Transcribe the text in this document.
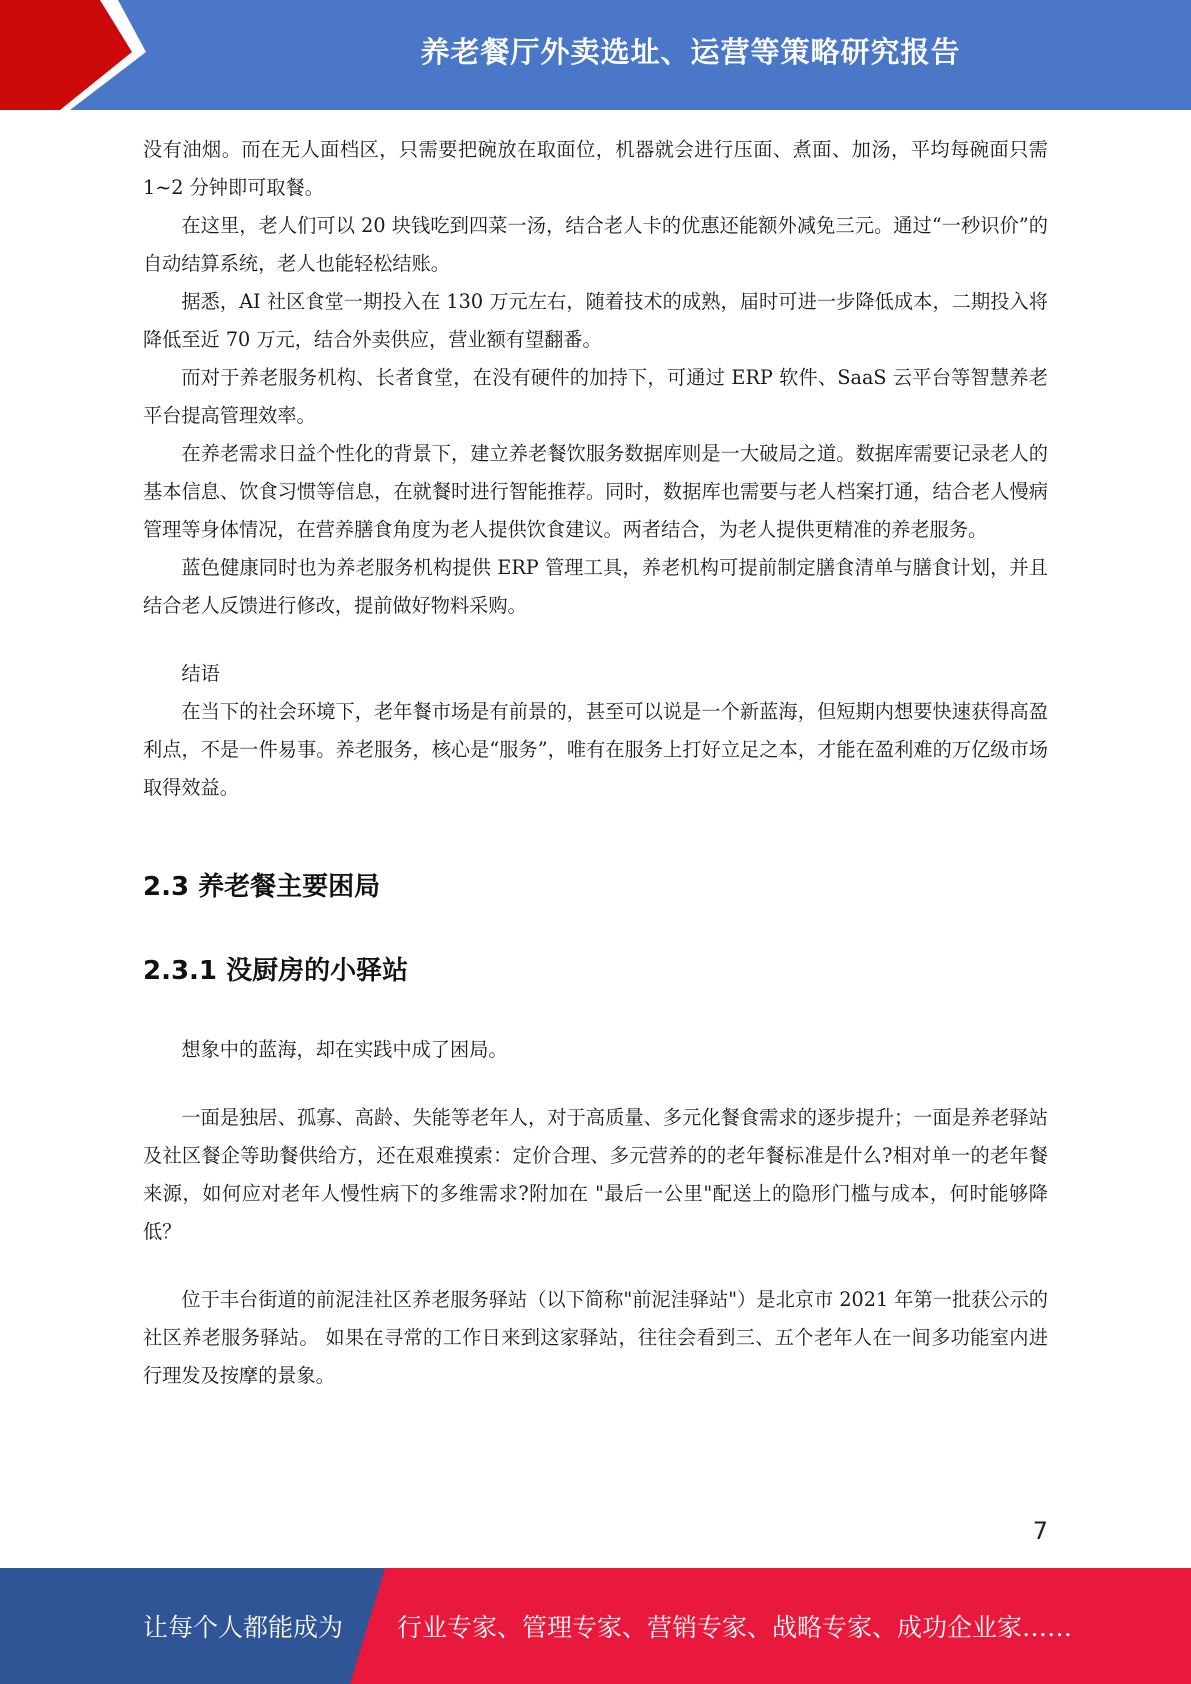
养老餐厅外卖选址、运营等策略研究报告

没有油烟。而在无人面档区，只需要把碗放在取面位，机器就会进行压面、煮面、加汤，平均每碗面只需 1~2 分钟即可取餐。

在这里，老人们可以 20 块钱吃到四菜一汤，结合老人卡的优惠还能额外减免三元。通过“一秒识价”的自动结算系统，老人也能轻松结账。

据悉，AI 社区食堂一期投入在 130 万元左右，随着技术的成熟，届时可进一步降低成本，二期投入将降低至近 70 万元，结合外卖供应，营业额有望翻番。

而对于养老服务机构、长者食堂，在没有硬件的加持下，可通过 ERP 软件、SaaS 云平台等智慧养老平台提高管理效率。

在养老需求日益个性化的背景下，建立养老餐饮服务数据库则是一大破局之道。数据库需要记录老人的基本信息、饮食习惯等信息，在就餐时进行智能推荐。同时，数据库也需要与老人档案打通，结合老人慢病管理等身体情况，在营养膳食角度为老人提供饮食建议。两者结合，为老人提供更精准的养老服务。

蓝色健康同时也为养老服务机构提供 ERP 管理工具，养老机构可提前制定膳食清单与膳食计划，并且结合老人反馈进行修改，提前做好物料采购。

结语

在当下的社会环境下，老年餐市场是有前景的，甚至可以说是一个新蓝海，但短期内想要快速获得高盈利点，不是一件易事。养老服务，核心是“服务”，唯有在服务上打好立足之本，才能在盈利难的万亿级市场取得效益。

2.3 养老餐主要困局
2.3.1 没厨房的小驿站

想象中的蓝海，却在实践中成了困局。

一面是独居、孤寡、高龄、失能等老年人，对于高质量、多元化餐食需求的逐步提升；一面是养老驿站及社区餐企等助餐供给方，还在艰难摸索：定价合理、多元营养的的老年餐标准是什么?相对单一的老年餐来源，如何应对老年人慢性病下的多维需求?附加在 "最后一公里"配送上的隐形门槛与成本，何时能够降低？

位于丰台街道的前泥洼社区养老服务驿站（以下简称"前泥洼驿站"）是北京市 2021 年第一批获公示的社区养老服务驿站。 如果在寻常的工作日来到这家驿站，往往会看到三、五个老年人在一间多功能室内进行理发及按摩的景象。

7
让每个人都能成为 行业专家、管理专家、营销专家、战略专家、成功企业家……
